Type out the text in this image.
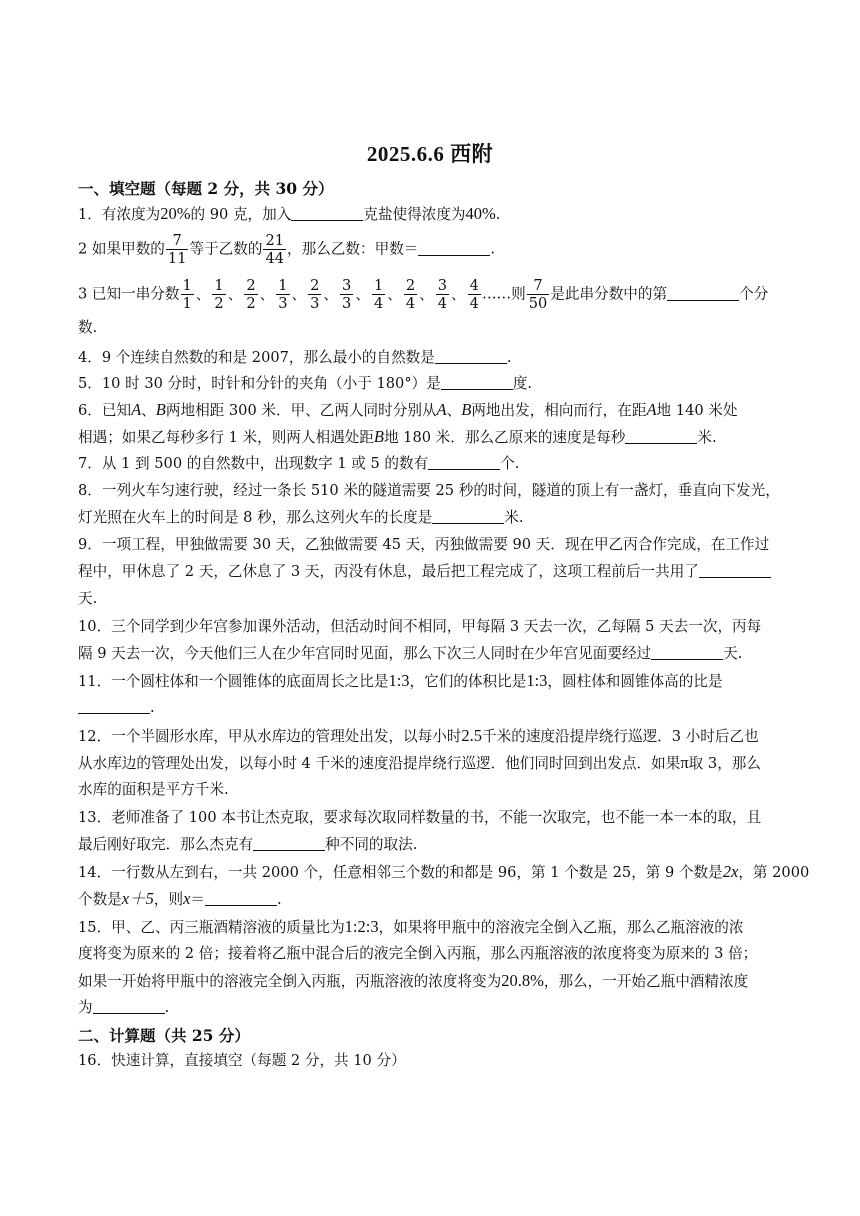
2025.6.6 西附
一、填空题（每题 2 分，共 30 分）
1．有浓度为20%的 90 克，加入	克盐使得浓度为40%.
2 如果甲数的 $\frac{7}{11}$ 等于乙数的 $\frac{21}{44}$ ，那么乙数：甲数＝	.
3 已知一串分数 $\frac{1}{1}$ 、 $\frac{1}{2}$ 、 $\frac{2}{2}$ 、 $\frac{1}{3}$ 、 $\frac{2}{3}$ 、 $\frac{3}{3}$ 、 $\frac{1}{4}$ 、 $\frac{2}{4}$ 、 $\frac{3}{4}$ 、 $\frac{4}{4}$ ……则 $\frac{7}{50}$ 是此串分数中的第	个分
数.
4．9 个连续自然数的和是 2007，那么最小的自然数是	.
5．10 时 30 分时，时针和分针的夹角（小于 180°）是	度.
6．已知A、B两地相距 300 米．甲、乙两人同时分别从A、B两地出发，相向而行，在距A地 140 米处
相遇；如果乙每秒多行 1 米，则两人相遇处距B地 180 米．那么乙原来的速度是每秒	米.
7．从 1 到 500 的自然数中，出现数字 1 或 5 的数有	个.
8．一列火车匀速行驶，经过一条长 510 米的隧道需要 25 秒的时间，隧道的顶上有一盏灯，垂直向下发光，
灯光照在火车上的时间是 8 秒，那么这列火车的长度是	米.
9．一项工程，甲独做需要 30 天，乙独做需要 45 天，丙独做需要 90 天．现在甲乙丙合作完成，在工作过
程中，甲休息了 2 天，乙休息了 3 天，丙没有休息，最后把工程完成了，这项工程前后一共用了
天.
10．三个同学到少年宫参加课外活动，但活动时间不相同，甲每隔 3 天去一次，乙每隔 5 天去一次，丙每
隔 9 天去一次，今天他们三人在少年宫同时见面，那么下次三人同时在少年宫见面要经过	天.
11．一个圆柱体和一个圆锥体的底面周长之比是1:3，它们的体积比是1:3，圆柱体和圆锥体高的比是
.
12．一个半圆形水库，甲从水库边的管理处出发，以每小时2.5千米的速度沿提岸绕行巡逻．3 小时后乙也
从水库边的管理处出发，以每小时 4 千米的速度沿提岸绕行巡逻．他们同时回到出发点．如果π取 3，那么
水库的面积是平方千米.
13．老师准备了 100 本书让杰克取，要求每次取同样数量的书，不能一次取完，也不能一本一本的取，且
最后刚好取完．那么杰克有	种不同的取法.
14．一行数从左到右，一共 2000 个，任意相邻三个数的和都是 96，第 1 个数是 25，第 9 个数是2x，第 2000
个数是x＋5，则x＝	.
15．甲、乙、丙三瓶酒精溶液的质量比为1:2:3，如果将甲瓶中的溶液完全倒入乙瓶，那么乙瓶溶液的浓
度将变为原来的 2 倍；接着将乙瓶中混合后的液完全倒入丙瓶，那么丙瓶溶液的浓度将变为原来的 3 倍；
如果一开始将甲瓶中的溶液完全倒入丙瓶，丙瓶溶液的浓度将变为20.8%，那么，一开始乙瓶中酒精浓度
为	.
二、计算题（共 25 分）
16．快速计算，直接填空（每题 2 分，共 10 分）
